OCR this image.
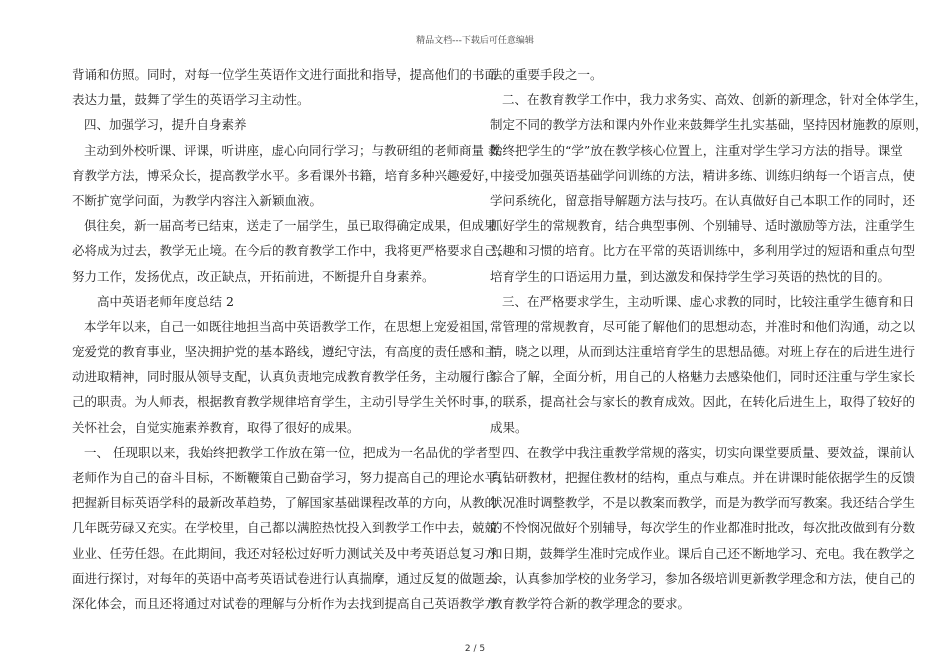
精品文档---下载后可任意编辑
背诵和仿照。同时，对每一位学生英语作文进行面批和指导，提高他们的书面
表达力量，鼓舞了学生的英语学习主动性。
四、加强学习，提升自身素养
主动到外校听课、评课，听讲座，虚心向同行学习；与教研组的老师商量 教
育教学方法，博采众长，提高教学水平。多看课外书籍，培育多种兴趣爱好，
不断扩宽学问面，为教学内容注入新颖血液。
俱往矣，新一届高考已结束，送走了一届学生，虽已取得确定成果，但成果
必将成为过去，教学无止境。在今后的教育教学工作中，我将更严格要求自己，
努力工作，发扬优点，改正缺点，开拓前进，不断提升自身素养。
高中英语老师年度总结 2
本学年以来，自己一如既往地担当高中英语教学工作，在思想上宠爱祖国，
宠爱党的教育事业，坚决拥护党的基本路线，遵纪守法，有高度的责任感和主
动进取精神，同时服从领导支配，认真负责地完成教育教学任务，主动履行自
己的职责。为人师表，根据教育教学规律培育学生，主动引导学生关怀时事，
关怀社会，自觉实施素养教育，取得了很好的成果。
一、 任现职以来，我始终把教学工作放在第一位，把成为一名品优的学者型
老师作为自己的奋斗目标，不断鞭策自己勤奋学习，努力提高自己的理论水平，
把握新目标英语学科的最新改革趋势，了解国家基础课程改革的方向，从教的
几年既劳碌又充实。在学校里，自己都以满腔热忱投入到教学工作中去，兢兢
业业、任劳任怨。在此期间，我还对轻松过好听力测试关及中考英语总复习方
面进行探讨，对每年的英语中高考英语试卷进行认真揣摩，通过反复的做题去
深化体会，而且还将通过对试卷的理解与分析作为去找到提高自己英语教学方
法的重要手段之一。
二、在教育教学工作中，我力求务实、高效、创新的新理念，针对全体学生，
制定不同的教学方法和课内外作业来鼓舞学生扎实基础，坚持因材施教的原则，
始终把学生的“学”放在教学核心位置上，注重对学生学习方法的指导。课堂
中接受加强英语基础学问训练的方法，精讲多练、训练归纳每一个语言点，使
学问系统化，留意指导解题方法与技巧。在认真做好自己本职工作的同时，还
抓好学生的常规教育，结合典型事例、个别辅导、适时激励等方法，注重学生
兴趣和习惯的培育。比方在平常的英语训练中，多利用学过的短语和重点句型
培育学生的口语运用力量，到达激发和保持学生学习英语的热忱的目的。
三、在严格要求学生，主动听课、虚心求教的同时，比较注重学生德育和日
常管理的常规教育，尽可能了解他们的思想动态，并准时和他们沟通，动之以
情，晓之以理，从而到达注重培育学生的思想品德。对班上存在的后进生进行
综合了解，全面分析，用自己的人格魅力去感染他们，同时还注重与学生家长
的联系，提高社会与家长的教育成效。因此，在转化后进生上，取得了较好的
成果。
四、在教学中我注重教学常规的落实，切实向课堂要质量、要效益，课前认
真钻研教材，把握住教材的结构，重点与难点。并在讲课时能依据学生的反馈
状况准时调整教学，不是以教案而教学，而是为教学而写教案。我还结合学生
的不怜悯况做好个别辅导，每次学生的作业都准时批改，每次批改做到有分数
和日期，鼓舞学生准时完成作业。课后自己还不断地学习、充电。我在教学之
余，认真参加学校的业务学习，参加各级培训更新教学理念和方法，使自己的
教育教学符合新的教学理念的要求。
2 / 5
